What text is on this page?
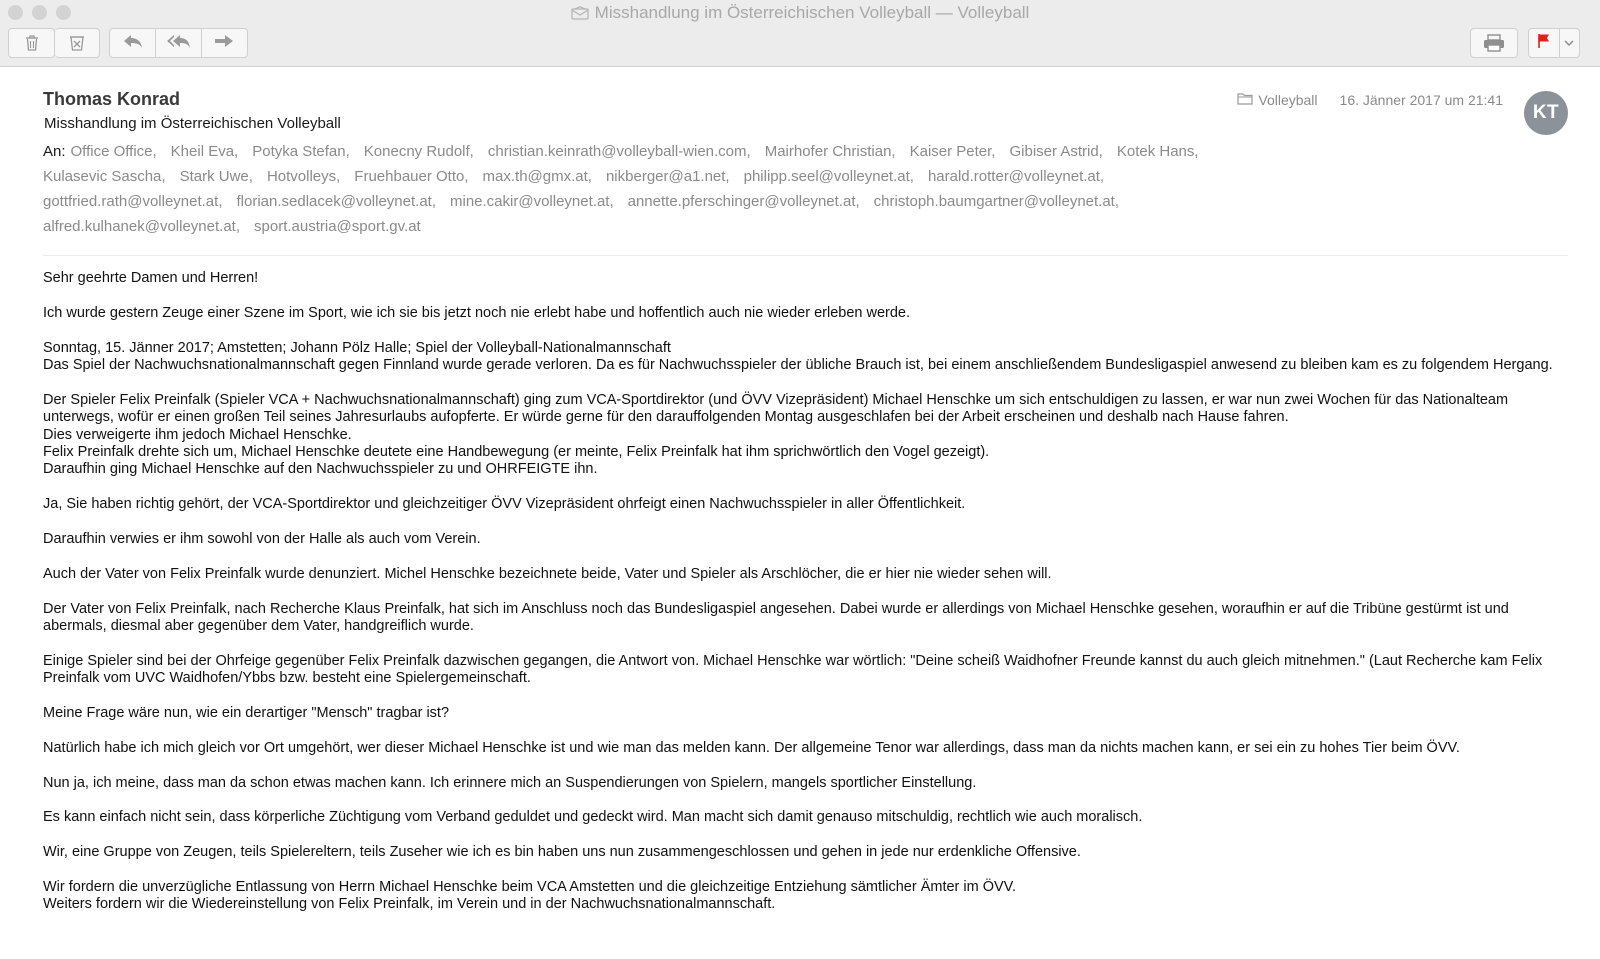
Misshandlung im Österreichischen Volleyball — Volleyball
Thomas Konrad
Misshandlung im Österreichischen Volleyball
Volleyball 16. Jänner 2017 um 21:41
KT
An: Office Office, Kheil Eva, Potyka Stefan, Konecny Rudolf, christian.keinrath@volleyball-wien.com, Mairhofer Christian, Kaiser Peter, Gibiser Astrid, Kotek Hans,
Kulasevic Sascha, Stark Uwe, Hotvolleys, Fruehbauer Otto, max.th@gmx.at, nikberger@a1.net, philipp.seel@volleynet.at, harald.rotter@volleynet.at,
gottfried.rath@volleynet.at, florian.sedlacek@volleynet.at, mine.cakir@volleynet.at, annette.pferschinger@volleynet.at, christoph.baumgartner@volleynet.at,
alfred.kulhanek@volleynet.at, sport.austria@sport.gv.at

Sehr geehrte Damen und Herren!

Ich wurde gestern Zeuge einer Szene im Sport, wie ich sie bis jetzt noch nie erlebt habe und hoffentlich auch nie wieder erleben werde.

Sonntag, 15. Jänner 2017; Amstetten; Johann Pölz Halle; Spiel der Volleyball-Nationalmannschaft
Das Spiel der Nachwuchsnationalmannschaft gegen Finnland wurde gerade verloren. Da es für Nachwuchsspieler der übliche Brauch ist, bei einem anschließendem Bundesligaspiel anwesend zu bleiben kam es zu folgendem Hergang.

Der Spieler Felix Preinfalk (Spieler VCA + Nachwuchsnationalmannschaft) ging zum VCA-Sportdirektor (und ÖVV Vizepräsident) Michael Henschke um sich entschuldigen zu lassen, er war nun zwei Wochen für das Nationalteam unterwegs, wofür er einen großen Teil seines Jahresurlaubs aufopferte. Er würde gerne für den darauffolgenden Montag ausgeschlafen bei der Arbeit erscheinen und deshalb nach Hause fahren.
Dies verweigerte ihm jedoch Michael Henschke.
Felix Preinfalk drehte sich um, Michael Henschke deutete eine Handbewegung (er meinte, Felix Preinfalk hat ihm sprichwörtlich den Vogel gezeigt).
Daraufhin ging Michael Henschke auf den Nachwuchsspieler zu und OHRFEIGTE ihn.

Ja, Sie haben richtig gehört, der VCA-Sportdirektor und gleichzeitiger ÖVV Vizepräsident ohrfeigt einen Nachwuchsspieler in aller Öffentlichkeit.

Daraufhin verwies er ihm sowohl von der Halle als auch vom Verein.

Auch der Vater von Felix Preinfalk wurde denunziert. Michel Henschke bezeichnete beide, Vater und Spieler als Arschlöcher, die er hier nie wieder sehen will.

Der Vater von Felix Preinfalk, nach Recherche Klaus Preinfalk, hat sich im Anschluss noch das Bundesligaspiel angesehen. Dabei wurde er allerdings von Michael Henschke gesehen, woraufhin er auf die Tribüne gestürmt ist und abermals, diesmal aber gegenüber dem Vater, handgreiflich wurde.

Einige Spieler sind bei der Ohrfeige gegenüber Felix Preinfalk dazwischen gegangen, die Antwort von. Michael Henschke war wörtlich: "Deine scheiß Waidhofner Freunde kannst du auch gleich mitnehmen." (Laut Recherche kam Felix Preinfalk vom UVC Waidhofen/Ybbs bzw. besteht eine Spielergemeinschaft.

Meine Frage wäre nun, wie ein derartiger "Mensch" tragbar ist?

Natürlich habe ich mich gleich vor Ort umgehört, wer dieser Michael Henschke ist und wie man das melden kann. Der allgemeine Tenor war allerdings, dass man da nichts machen kann, er sei ein zu hohes Tier beim ÖVV.

Nun ja, ich meine, dass man da schon etwas machen kann. Ich erinnere mich an Suspendierungen von Spielern, mangels sportlicher Einstellung.

Es kann einfach nicht sein, dass körperliche Züchtigung vom Verband geduldet und gedeckt wird. Man macht sich damit genauso mitschuldig, rechtlich wie auch moralisch.

Wir, eine Gruppe von Zeugen, teils Spielereltern, teils Zuseher wie ich es bin haben uns nun zusammengeschlossen und gehen in jede nur erdenkliche Offensive.

Wir fordern die unverzügliche Entlassung von Herrn Michael Henschke beim VCA Amstetten und die gleichzeitige Entziehung sämtlicher Ämter im ÖVV.
Weiters fordern wir die Wiedereinstellung von Felix Preinfalk, im Verein und in der Nachwuchsnationalmannschaft.
